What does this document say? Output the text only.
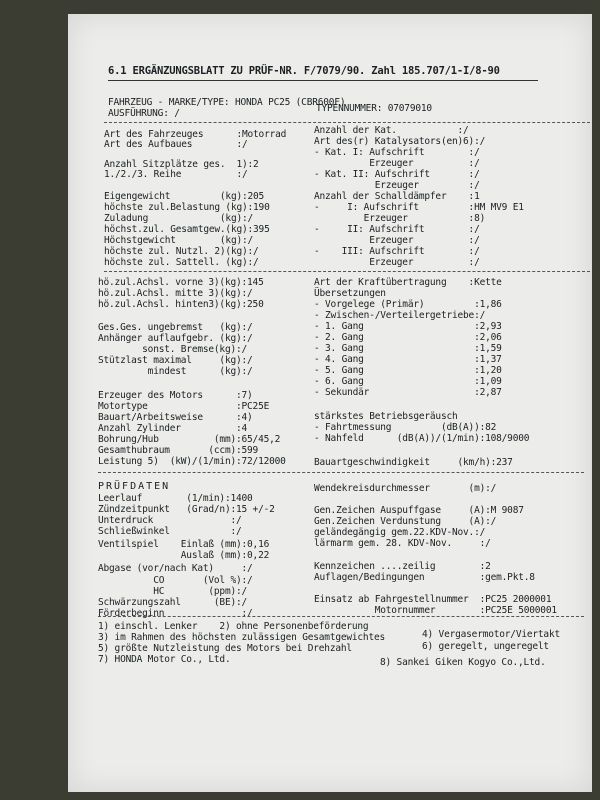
6.1 ERGÄNZUNGSBLATT ZU PRÜF-NR. F/7079/90. Zahl 185.707/1-I/8-90
FAHRZEUG - MARKE/TYPE: HONDA PC25 (CBR600F)
AUSFÜHRUNG: /	TYPENNUMMER: 07079010
Art des Fahrzeuges      :Motorrad
Art des Aufbaues        :/
Anzahl Sitzplätze ges.  1):2
1./2./3. Reihe          :/
Eigengewicht         (kg):205
höchste zul.Belastung (kg):190
Zuladung             (kg):/
höchst.zul. Gesamtgew.(kg):395
Höchstgewicht        (kg):/
höchste zul. Nutzl. 2)(kg):/
höchste zul. Sattell. (kg):/
hö.zul.Achsl. vorne 3)(kg):145
hö.zul.Achsl. mitte 3)(kg):/
hö.zul.Achsl. hinten3)(kg):250
Ges.Ges. ungebremst   (kg):/
Anhänger auflaufgebr. (kg):/
sonst. Bremse(kg):/
Stützlast maximal     (kg):/
mindest      (kg):/
Erzeuger des Motors      :7)
Motortype                :PC25E
Bauart/Arbeitsweise      :4)
Anzahl Zylinder          :4
Bohrung/Hub          (mm):65/45,2
Gesamthubraum       (ccm):599
Leistung 5)  (kW)/(1/min):72/12000
PRÜFDATEN
Leerlauf        (1/min):1400
Zündzeitpunkt   (Grad/n):15 +/-2
Unterdruck              :/
Schließwinkel           :/
Ventilspiel    Einlaß (mm):0,16
Auslaß (mm):0,22
Abgase (vor/nach Kat)     :/
CO       (Vol %):/
HC        (ppm):/
Schwärzungszahl      (BE):/
Förderbeginn              :/
Anzahl der Kat.           :/
Art des(r) Katalysators(en)6):/
- Kat. I: Aufschrift        :/
Erzeuger          :/
- Kat. II: Aufschrift       :/
Erzeuger         :/
Anzahl der Schalldämpfer    :1
-     I: Aufschrift         :HM MV9 E1
Erzeuger           :8)
-     II: Aufschrift        :/
Erzeuger          :/
-    III: Aufschrift        :/
Erzeuger          :/
Art der Kraftübertragung    :Kette
Übersetzungen
- Vorgelege (Primär)         :1,86
- Zwischen-/Verteilergetriebe:/
- 1. Gang                    :2,93
- 2. Gang                    :2,06
- 3. Gang                    :1,59
- 4. Gang                    :1,37
- 5. Gang                    :1,20
- 6. Gang                    :1,09
- Sekundär                   :2,87
stärkstes Betriebsgeräusch
- Fahrtmessung         (dB(A)):82
- Nahfeld      (dB(A))/(1/min):108/9000
Bauartgeschwindigkeit     (km/h):237
Wendekreisdurchmesser       (m):/
Gen.Zeichen Auspuffgase     (A):M 9087
Gen.Zeichen Verdunstung     (A):/
geländegängig gem.22.KDV-Nov.:/
lärmarm gem. 28. KDV-Nov.     :/
Kennzeichen ....zeilig        :2
Auflagen/Bedingungen          :gem.Pkt.8
Einsatz ab Fahrgestellnummer  :PC25 2000001
Motornummer        :PC25E 5000001
1) einschl. Lenker    2) ohne Personenbeförderung
3) im Rahmen des höchsten zulässigen Gesamtgewichtes	4) Vergasermotor/Viertakt
5) größte Nutzleistung des Motors bei Drehzahl	6) geregelt, ungeregelt
7) HONDA Motor Co., Ltd.	8) Sankei Giken Kogyo Co.,Ltd.
